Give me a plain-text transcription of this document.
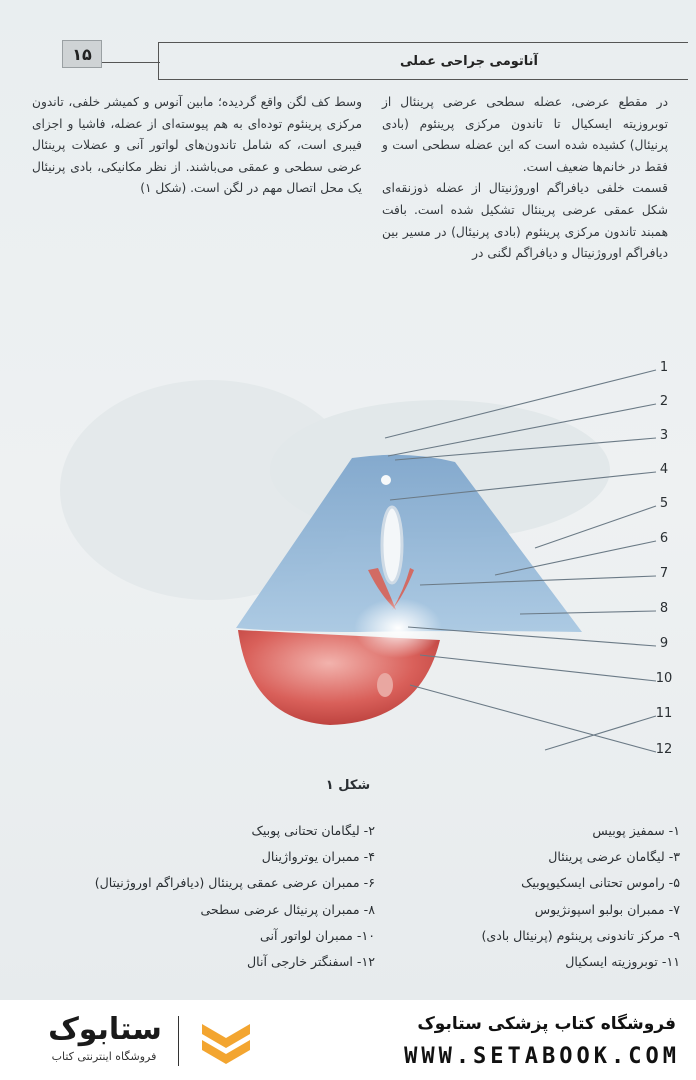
۱۵	آناتومی جراحی عملی

در مقطع عرضی، عضله سطحی عرضی پرینئال از توبروزیته ایسکیال تا تاندون مرکزی پرینئوم (بادی پرنیئال) کشیده شده است که این عضله سطحی است و فقط در خانم‌ها ضعیف است.

قسمت خلفی دیافراگم اوروژنیتال از عضله ذوزنقه‌ای شکل عمقی عرضی پرینئال تشکیل شده است. بافت همبند تاندون مرکزی پرینئوم (بادی پرنیئال) در مسیر بین دیافراگم اوروژنیتال و دیافراگم لگنی در

وسط کف لگن واقع گردیده؛ مابین آنوس و کمیشر خلفی، تاندون مرکزی پرینئوم توده‌ای به هم پیوسته‌ای از عضله، فاشیا و اجزای فیبری است، که شامل تاندون‌های لواتور آنی و عضلات پرینئال عرضی سطحی و عمقی می‌باشند. از نظر مکانیکی، بادی پرنیئال یک محل اتصال مهم در لگن است. (شکل ۱)

1
2
3
4
5
6
7
8
9
10
11
12
شکل ۱
۱- سمفیز پوبیس
۳- لیگامان عرضی پرینئال
۵- راموس تحتانی ایسکیوپوبیک
۷- ممبران بولبو اسپونژیوس
۹- مرکز تاندونی پرینئوم (پرنیئال بادی)
۱۱- توبروزیته ایسکیال
۲- لیگامان تحتانی پوبیک
۴- ممبران یوترواژینال
۶- ممبران عرضی عمقی پرینئال (دیافراگم اوروژنیتال)
۸- ممبران پرنیئال عرضی سطحی
۱۰- ممبران لواتور آنی
۱۲- اسفنگتر خارجی آنال
ستابوک
فروشگاه اینترنتی کتاب
فروشگاه کتاب پزشکی ستابوک
WWW.SETABOOK.COM
